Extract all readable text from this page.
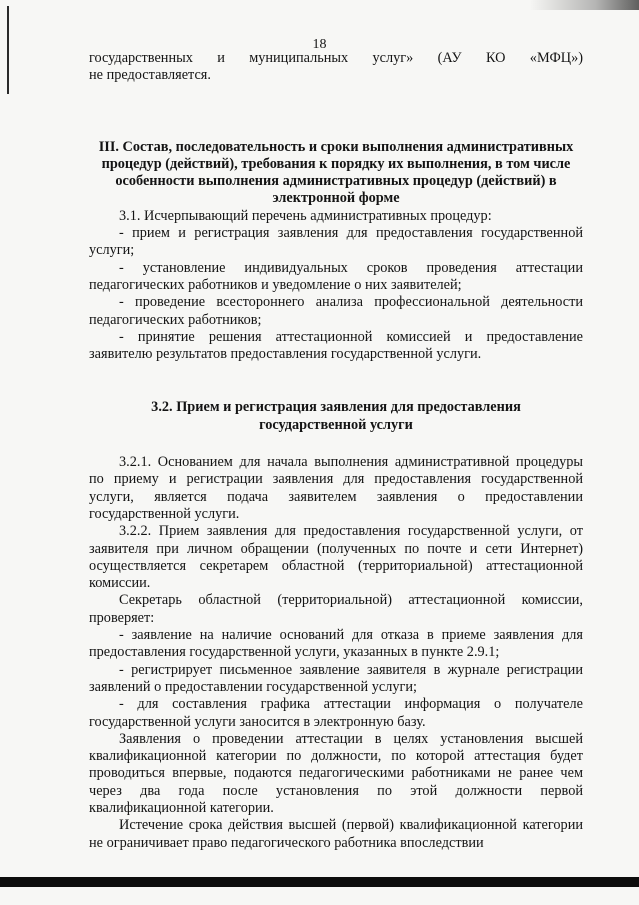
18

государственных и муниципальных услуг» (АУ КО «МФЦ»)

не предоставляется.

III. Состав, последовательность и сроки выполнения административных процедур (действий), требования к порядку их выполнения, в том числе особенности выполнения административных процедур (действий) в электронной форме

3.1. Исчерпывающий перечень административных процедур:

- прием и регистрация заявления для предоставления государственной услуги;

- установление индивидуальных сроков проведения аттестации педагогических работников и уведомление о них заявителей;

- проведение всестороннего анализа профессиональной деятельности педагогических работников;

- принятие решения аттестационной комиссией и предоставление заявителю результатов предоставления государственной услуги.

3.2. Прием и регистрация заявления для предоставления государственной услуги

3.2.1. Основанием для начала выполнения административной процедуры по приему и регистрации заявления для предоставления государственной услуги, является подача заявителем заявления о предоставлении государственной услуги.

3.2.2. Прием заявления для предоставления государственной услуги, от заявителя при личном обращении (полученных по почте и сети Интернет) осуществляется секретарем областной (территориальной) аттестационной комиссии.

Секретарь областной (территориальной) аттестационной комиссии, проверяет:

- заявление на наличие оснований для отказа в приеме заявления для предоставления государственной услуги, указанных в пункте 2.9.1;

- регистрирует письменное заявление заявителя в журнале регистрации заявлений о предоставлении государственной услуги;

- для составления графика аттестации информация о получателе государственной услуги заносится в электронную базу.

Заявления о проведении аттестации в целях установления высшей квалификационной категории по должности, по которой аттестация будет проводиться впервые, подаются педагогическими работниками не ранее чем через два года после установления по этой должности первой квалификационной категории.

Истечение срока действия высшей (первой) квалификационной категории не ограничивает право педагогического работника впоследствии
